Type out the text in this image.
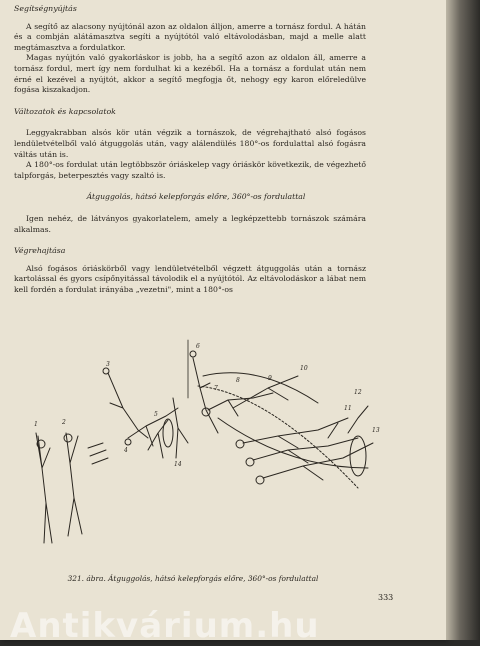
Segítségnyújtás

A segítő az alacsony nyújtónál azon az oldalon álljon, amerre a tornász fordul. A hátán és a combján alátámasztva segíti a nyújtótól való eltávolodásban, majd a melle alatt megtámasztva a fordulatkor.

Magas nyújtón való gyakorláskor is jobb, ha a segítő azon az oldalon áll, amerre a tornász fordul, mert így nem fordulhat ki a kezéből. Ha a tornász a fordulat után nem érné el kezével a nyújtót, akkor a segítő megfogja őt, nehogy egy karon előreledülve fogása kiszakadjon.

Változatok és kapcsolatok

Leggyakrabban alsós kör után végzik a tornászok, de végrehajtható alsó fogásos lendületvételből való átguggolás után, vagy alálendülés 180°-os fordulattal alsó fogásra váltás után is.

A 180°-os fordulat után legtöbbször óriáskelep vagy óriáskör következik, de végezhető talpforgás, beterpesztés vagy szaltó is.

Átguggolás, hátsó kelepforgás előre, 360°-os fordulattal

Igen nehéz, de látványos gyakorlatelem, amely a legképzettebb tornászok számára alkalmas.

Végrehajtása

Alsó fogásos óriáskörből vagy lendületvételből végzett átguggolás után a tornász kartolással és gyors csípőnyitással távolodik el a nyújtótól. Az eltávolodáskor a lábat nem kell fordén a fordulat irányába „vezetni", mint a 180°-os

1	2
3
4
5
6
7
8	9
10
11
12
13
14
321. ábra. Átguggolás, hátsó kelepforgás előre, 360°-os fordulattal
333
Antikvárium.hu
